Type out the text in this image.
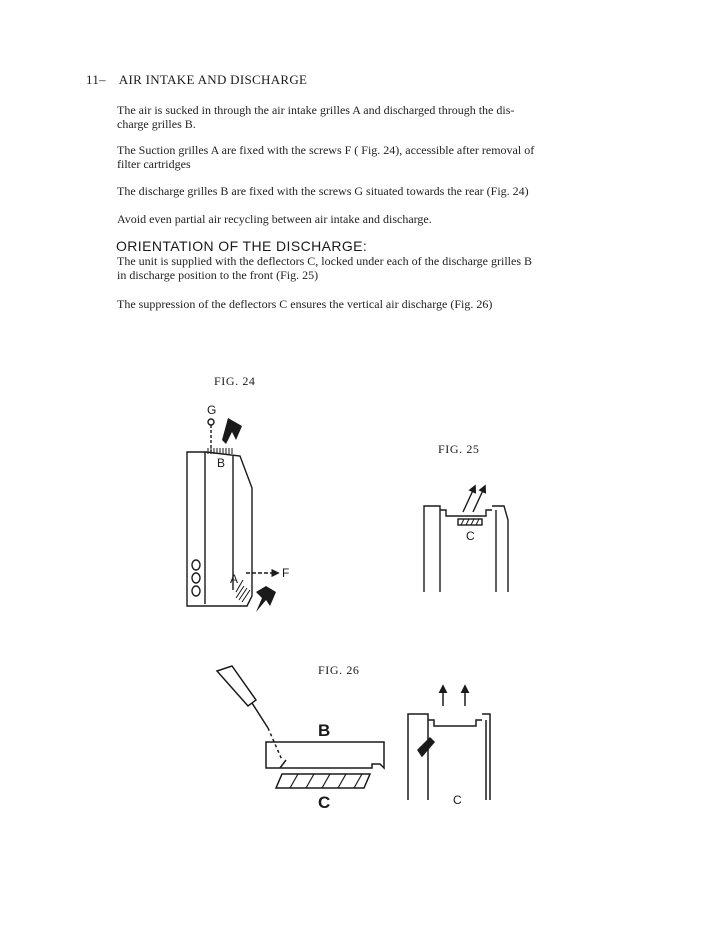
11– AIR INTAKE AND DISCHARGE
The air is sucked in through the air intake grilles A and discharged through the dis-
charge grilles B.
The Suction grilles A are fixed with the screws F ( Fig. 24), accessible after removal of
filter cartridges
The discharge grilles B are fixed with the screws G situated towards the rear (Fig. 24)
Avoid even partial air recycling between air intake and discharge.
ORIENTATION OF THE DISCHARGE:
The unit is supplied with the deflectors C, locked under each of the discharge grilles B
in discharge position to the front (Fig. 25)
The suppression of the deflectors C ensures the vertical air discharge (Fig. 26)
FIG. 24
FIG. 25
FIG. 26
G
B
A	F
C
B
C	C
